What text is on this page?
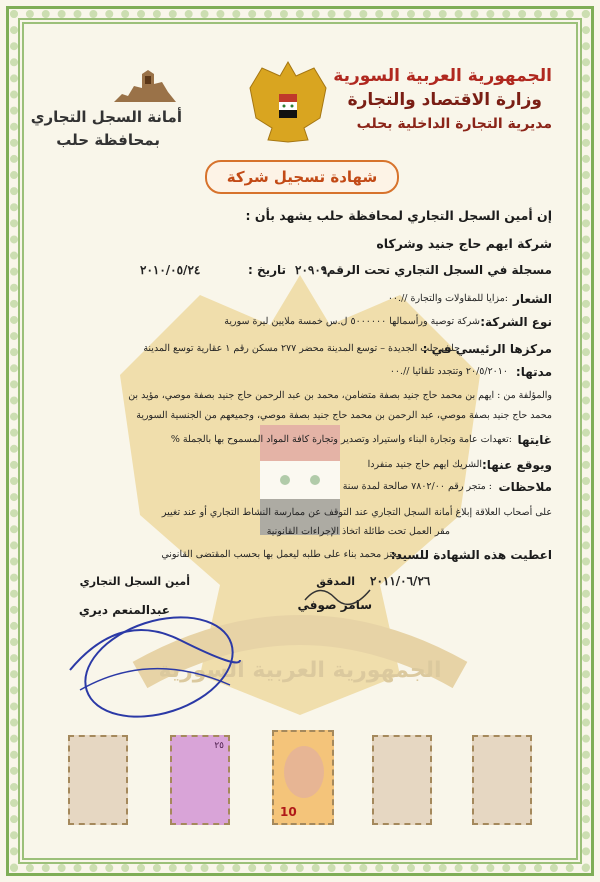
الجمهورية العربية السورية
الجمهورية العربية السورية
وزارة الاقتصاد والتجارة
مديرية التجارة الداخلية بحلب
أمانة السجل التجاري
بمحافظة حلب
شهادة تسجيل شركة
إن أمين السجل التجاري لمحافظة حلب يشهد بأن :
شركة ايهم حاج جنيد وشركاه
مسجلة في السجل التجاري تحت الرقم:
٢٠٩٠٩
تاريخ :
٢٠١٠/٠٥/٢٤
الشعار
:مزايا للمقاولات والتجارة //.٠٠
نوع الشركة:
شركة توصية ورأسمالها ٥٠٠٠٠٠٠ ل.س خمسة ملايين ليرة سورية
مركزها الرئيسي في :
حلب حلب الجديدة – توسع المدينة محضر ٢٧٧ مسكن رقم ١ عقارية توسع المدينة
مدتها:
٢٠/٥/٢٠١٠ وتتجدد تلقائيا //.٠٠
والمؤلفة من : ايهم بن محمد حاج جنيد بصفة متضامن، محمد بن عبد الرحمن حاج جنيد بصفة موصي، مؤيد بن
محمد حاج جنيد بصفة موصي، عبد الرحمن بن محمد حاج جنيد بصفة موصي، وجميعهم من الجنسية السورية
غايتها
:تعهدات عامة وتجارة البناء واستيراد وتصدير وتجارة كافة المواد المسموح بها بالجملة %
ويوقع عنها:
الشريك ايهم حاج جنيد منفردا
ملاحظات
: متجر رقم ٧٨٠٢/٠٠ صالحة لمدة سنة
على أصحاب العلاقة إبلاغ أمانة السجل التجاري عند التوقف عن ممارسة النشاط التجاري أو عند تغيير
مقر العمل تحت طائلة اتخاذ الإجراءات القانونية
اعطيت هذه الشهادة للسيد:
معتز محمد بناء على طلبه ليعمل بها بحسب المقتضى القانوني
٢٠١١/٠٦/٢٦
المدقق
سامر صوفي
أمين السجل التجاري
عبدالمنعم ديري
٢٥
10
